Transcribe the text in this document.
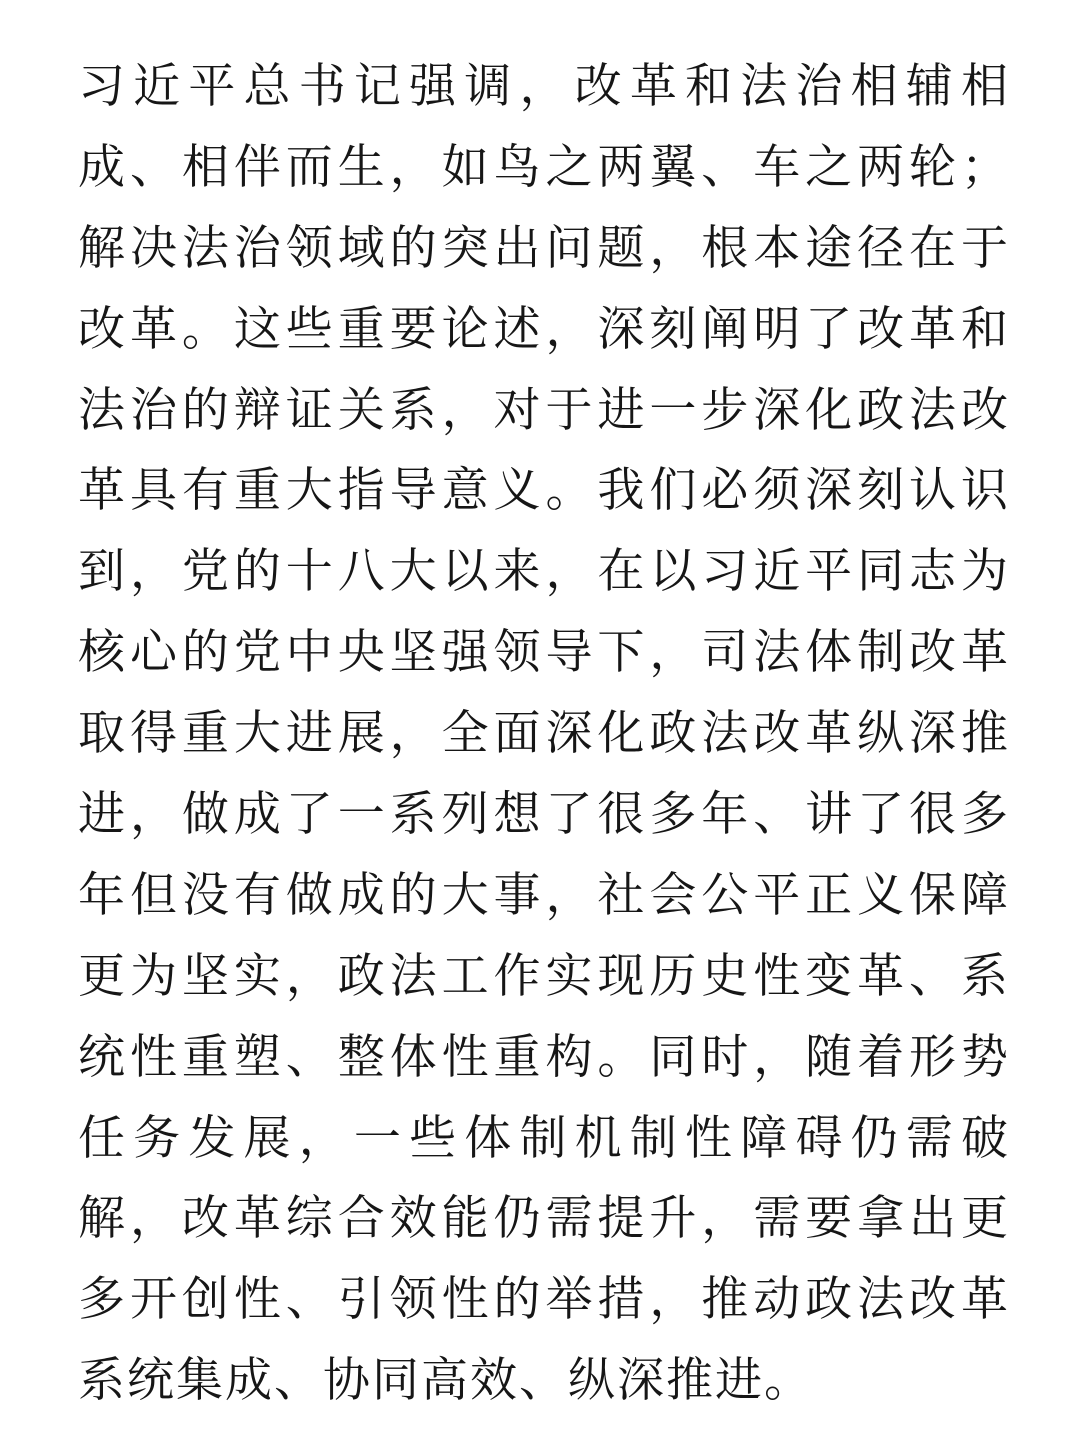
习近平总书记强调，改革和法治相辅相
成、相伴而生，如鸟之两翼、车之两轮；
解决法治领域的突出问题，根本途径在于
改革。这些重要论述，深刻阐明了改革和
法治的辩证关系，对于进一步深化政法改
革具有重大指导意义。我们必须深刻认识
到，党的十八大以来，在以习近平同志为
核心的党中央坚强领导下，司法体制改革
取得重大进展，全面深化政法改革纵深推
进，做成了一系列想了很多年、讲了很多
年但没有做成的大事，社会公平正义保障
更为坚实，政法工作实现历史性变革、系
统性重塑、整体性重构。同时，随着形势
任务发展，一些体制机制性障碍仍需破
解，改革综合效能仍需提升，需要拿出更
多开创性、引领性的举措，推动政法改革
系统集成、协同高效、纵深推进。
